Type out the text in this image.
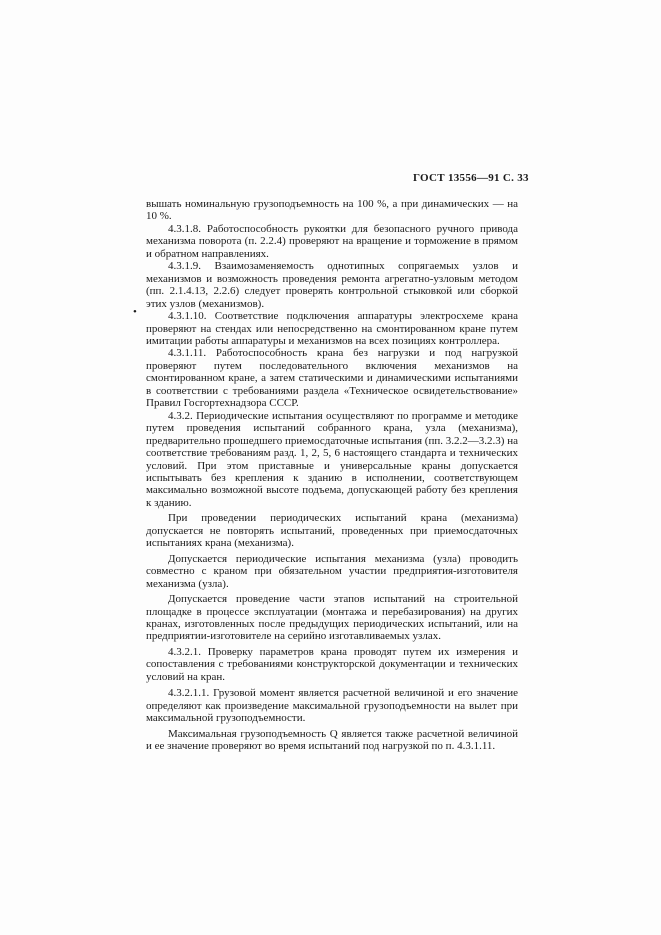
ГОСТ 13556—91 С. 33
•

вышать номинальную грузоподъемность на 100 %, а при динамических — на 10 %.

4.3.1.8. Работоспособность рукоятки для безопасного ручного привода механизма поворота (п. 2.2.4) проверяют на вращение и торможение в прямом и обратном направлениях.

4.3.1.9. Взаимозаменяемость однотипных сопрягаемых узлов и механизмов и возможность проведения ремонта агрегатно-узловым методом (пп. 2.1.4.13, 2.2.6) следует проверять контрольной стыковкой или сборкой этих узлов (механизмов).

4.3.1.10. Соответствие подключения аппаратуры электросхеме крана проверяют на стендах или непосредственно на смонтированном кране путем имитации работы аппаратуры и механизмов на всех позициях контроллера.

4.3.1.11. Работоспособность крана без нагрузки и под нагрузкой проверяют путем последовательного включения механизмов на смонтированном кране, а затем статическими и динамическими испытаниями в соответствии с требованиями раздела «Техническое освидетельствование» Правил Госгортехнадзора СССР.

4.3.2. Периодические испытания осуществляют по программе и методике путем проведения испытаний собранного крана, узла (механизма), предварительно прошедшего приемосдаточные испытания (пп. 3.2.2—3.2.3) на соответствие требованиям разд. 1, 2, 5, 6 настоящего стандарта и технических условий. При этом приставные и универсальные краны допускается испытывать без крепления к зданию в исполнении, соответствующем максимально возможной высоте подъема, допускающей работу без крепления к зданию.

При проведении периодических испытаний крана (механизма) допускается не повторять испытаний, проведенных при приемосдаточных испытаниях крана (механизма).

Допускается периодические испытания механизма (узла) проводить совместно с краном при обязательном участии предприятия-изготовителя механизма (узла).

Допускается проведение части этапов испытаний на строительной площадке в процессе эксплуатации (монтажа и перебазирования) на других кранах, изготовленных после предыдущих периодических испытаний, или на предприятии-изготовителе на серийно изготавливаемых узлах.

4.3.2.1. Проверку параметров крана проводят путем их измерения и сопоставления с требованиями конструкторской документации и технических условий на кран.

4.3.2.1.1. Грузовой момент является расчетной величиной и его значение определяют как произведение максимальной грузоподъемности на вылет при максимальной грузоподъемности.

Максимальная грузоподъемность Q является также расчетной величиной и ее значение проверяют во время испытаний под нагрузкой по п. 4.3.1.11.
